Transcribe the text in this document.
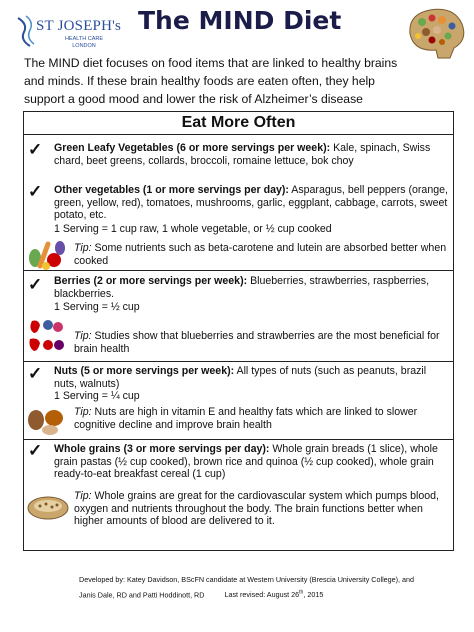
ST JOSEPH's
HEALTH CARE
LONDON
The MIND Diet
The MIND diet focuses on food items that are linked to healthy brains and minds. If these brain healthy foods are eaten often, they help support a good mood and lower the risk of Alzheimer’s disease
Eat More Often
✓ Green Leafy Vegetables (6 or more servings per week): Kale, spinach, Swiss chard, beet greens, collards, broccoli, romaine lettuce, bok choy
✓ Other vegetables (1 or more servings per day): Asparagus, bell peppers (orange, green, yellow, red), tomatoes, mushrooms, garlic, eggplant, cabbage, carrots, sweet potato, etc.
1 Serving = 1 cup raw, 1 whole vegetable, or ½ cup cooked
Tip: Some nutrients such as beta-carotene and lutein are absorbed better when cooked
✓ Berries (2 or more servings per week): Blueberries, strawberries, raspberries, blackberries.
1 Serving = ½ cup
Tip: Studies show that blueberries and strawberries are the most beneficial for brain health
✓ Nuts (5 or more servings per week): All types of nuts (such as peanuts, brazil nuts, walnuts)
1 Serving = ¼ cup
Tip: Nuts are high in vitamin E and healthy fats which are linked to slower cognitive decline and improve brain health
✓ Whole grains (3 or more servings per day): Whole grain breads (1 slice), whole grain pastas (½ cup cooked), brown rice and quinoa (½ cup cooked), whole grain ready-to-eat breakfast cereal (1 cup)
Tip: Whole grains are great for the cardiovascular system which pumps blood, oxygen and nutrients throughout the body. The brain functions better when higher amounts of blood are delivered to it.
Developed by: Katey Davidson, BScFN candidate at Western University (Brescia University College), and
Janis Dale, RD and Patti Hoddinott, RD	Last revised: August 26th, 2015
